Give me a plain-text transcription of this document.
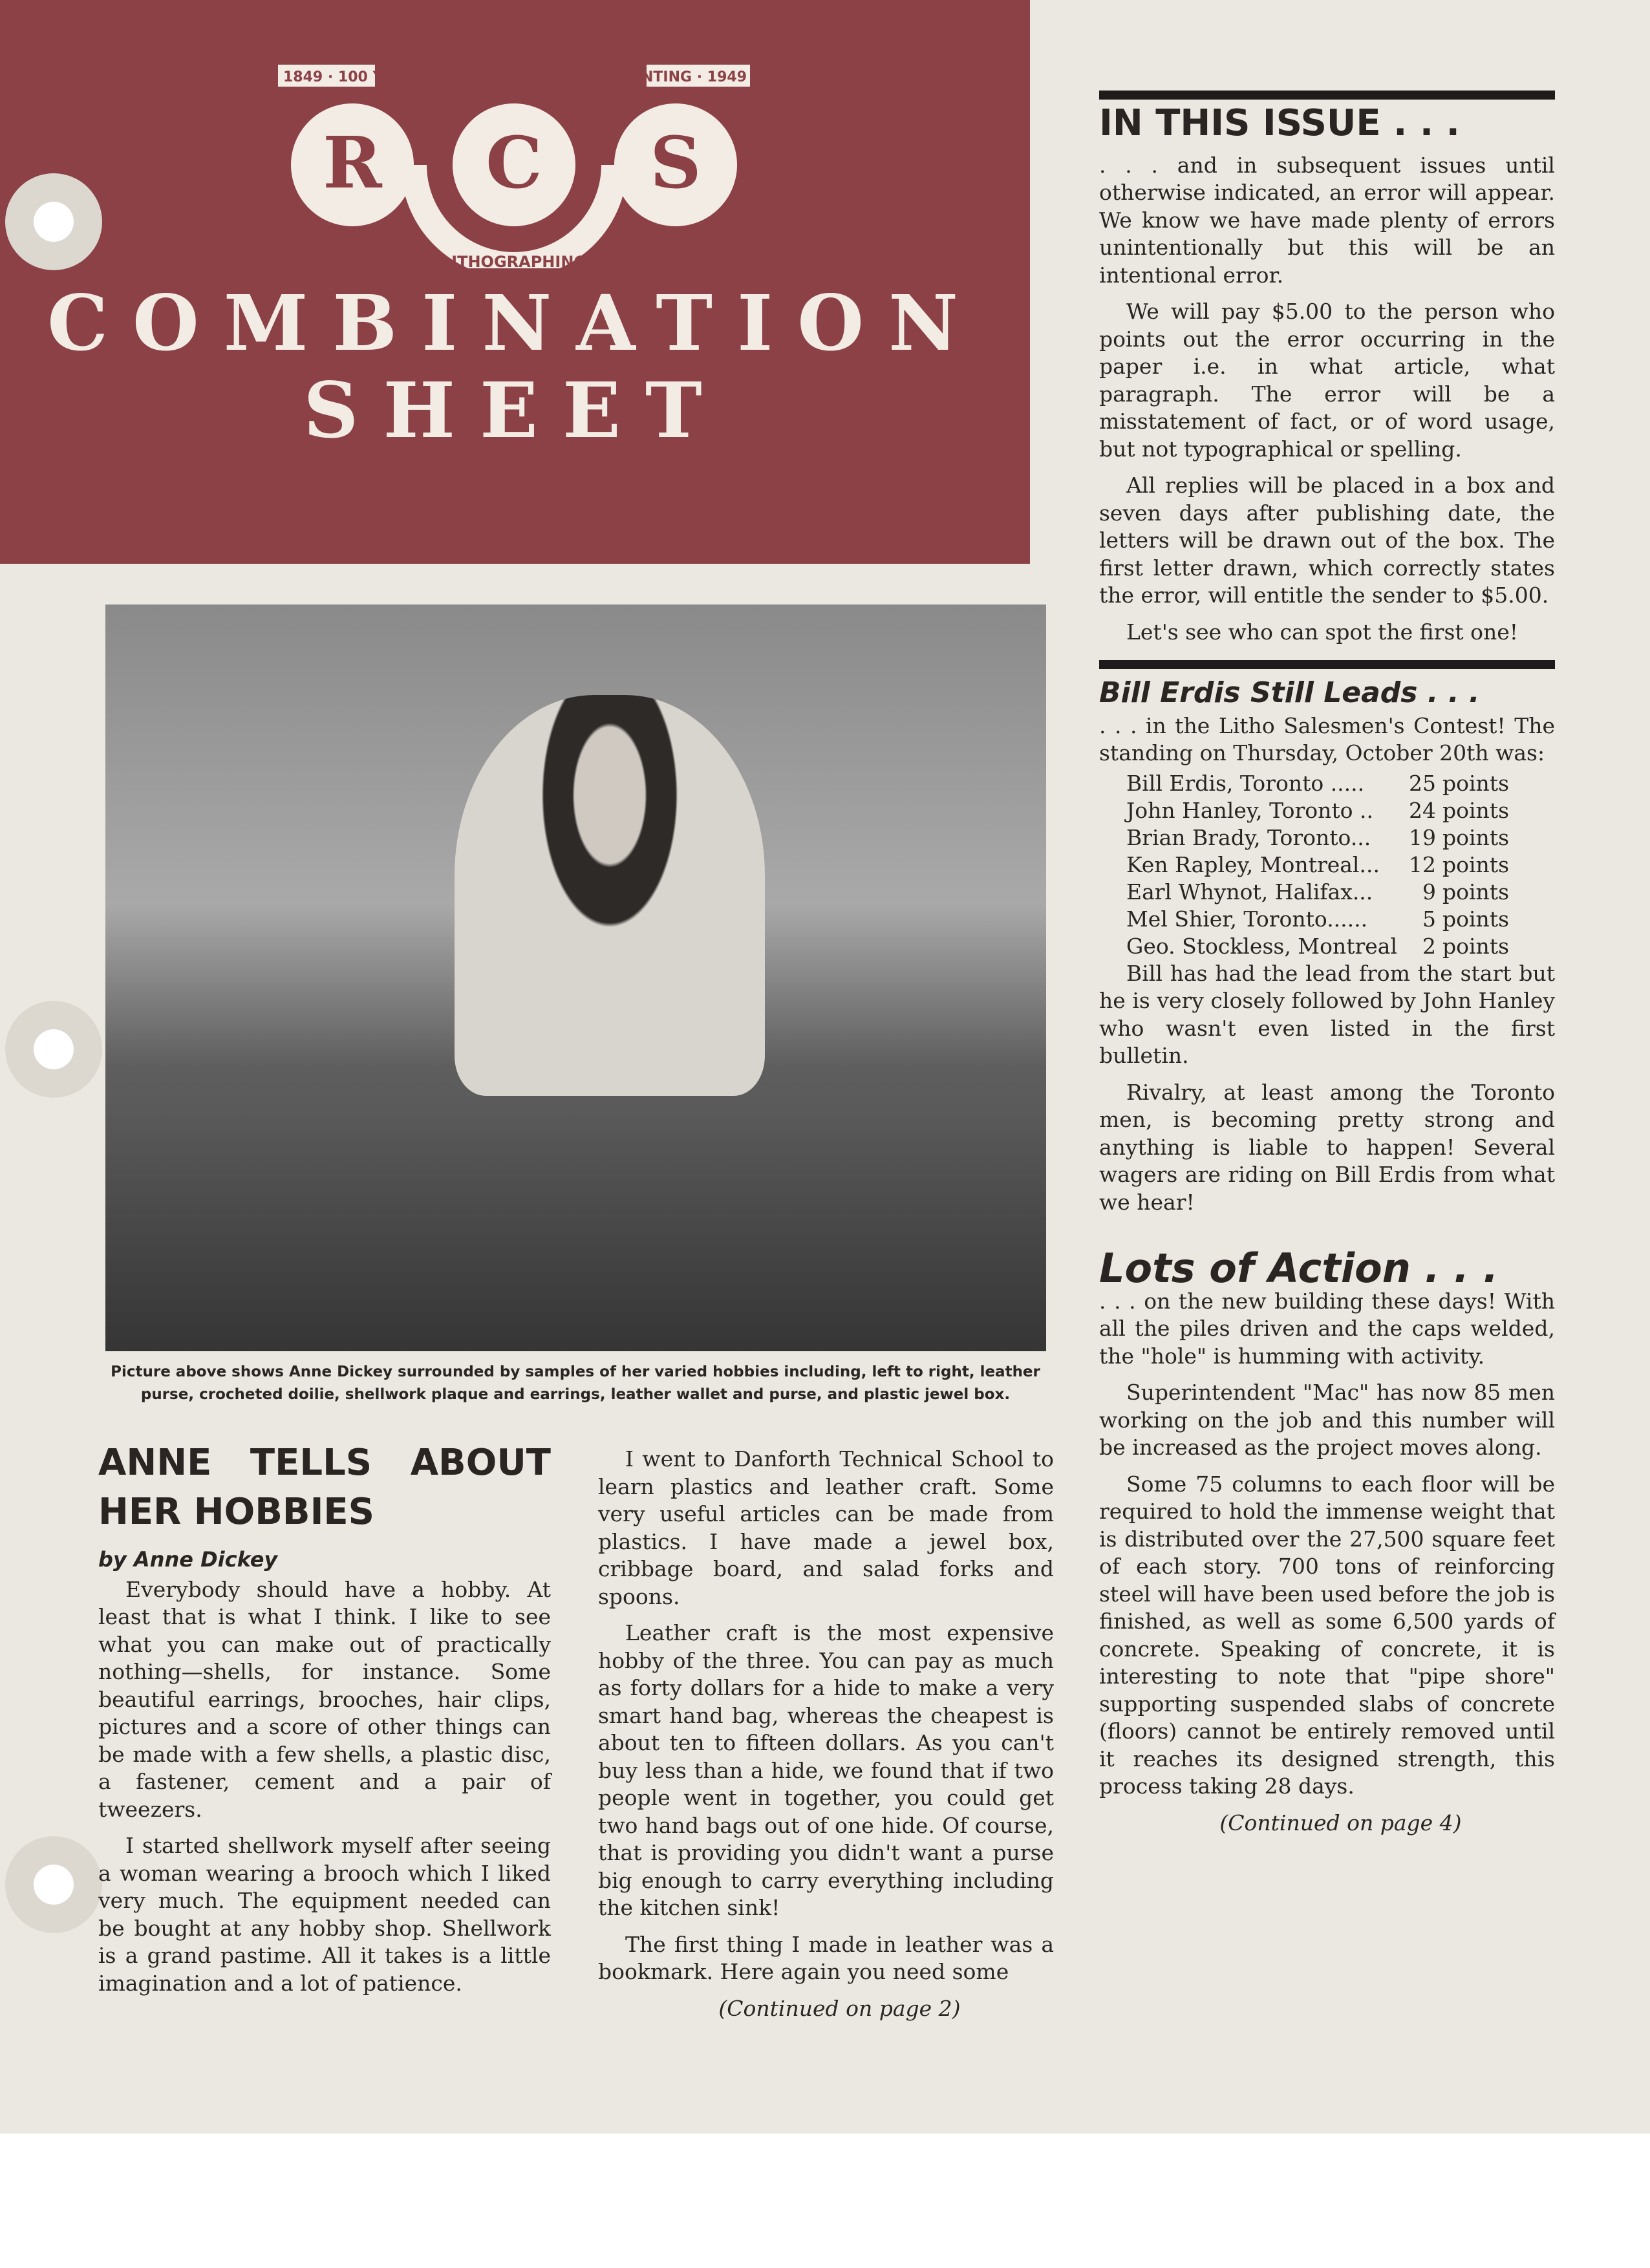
R C S
1849 · 100 YEARS OF
LITHOGRAPHING
AND PRINTING · 1949
COMBINATION
SHEET
Picture above shows Anne Dickey surrounded by samples of her varied hobbies including, left to right, leather purse, crocheted doilie, shellwork plaque and earrings, leather wallet and purse, and plastic jewel box.
IN THIS ISSUE . . .

. . . and in subsequent issues until otherwise indicated, an error will appear. We know we have made plenty of errors unintentionally but this will be an intentional error.

We will pay $5.00 to the person who points out the error occurring in the paper i.e. in what article, what paragraph. The error will be a misstatement of fact, or of word usage, but not typographical or spelling.

All replies will be placed in a box and seven days after publishing date, the letters will be drawn out of the box. The first letter drawn, which correctly states the error, will entitle the sender to $5.00.

Let's see who can spot the first one!

Bill Erdis Still Leads . . .

. . . in the Litho Salesmen's Contest! The standing on Thursday, October 20th was:

Bill Erdis, Toronto .....	25	points
John Hanley, Toronto ..	24	points
Brian Brady, Toronto...	19	points
Ken Rapley, Montreal...	12	points
Earl Whynot, Halifax...	9	points
Mel Shier, Toronto......	5	points
Geo. Stockless, Montreal	2	points

Bill has had the lead from the start but he is very closely followed by John Hanley who wasn't even listed in the first bulletin.

Rivalry, at least among the Toronto men, is becoming pretty strong and anything is liable to happen! Several wagers are riding on Bill Erdis from what we hear!

Lots of Action . . .

. . . on the new building these days! With all the piles driven and the caps welded, the "hole" is humming with activity.

Superintendent "Mac" has now 85 men working on the job and this number will be increased as the project moves along.

Some 75 columns to each floor will be required to hold the immense weight that is distributed over the 27,500 square feet of each story. 700 tons of reinforcing steel will have been used before the job is finished, as well as some 6,500 yards of concrete. Speaking of concrete, it is interesting to note that "pipe shore" supporting suspended slabs of concrete (floors) cannot be entirely removed until it reaches its designed strength, this process taking 28 days.

(Continued on page 4)

ANNE TELLS ABOUT HER HOBBIES
by Anne Dickey

Everybody should have a hobby. At least that is what I think. I like to see what you can make out of practically nothing—shells, for instance. Some beautiful earrings, brooches, hair clips, pictures and a score of other things can be made with a few shells, a plastic disc, a fastener, cement and a pair of tweezers.

I started shellwork myself after seeing a woman wearing a brooch which I liked very much. The equipment needed can be bought at any hobby shop. Shellwork is a grand pastime. All it takes is a little imagination and a lot of patience.

I went to Danforth Technical School to learn plastics and leather craft. Some very useful articles can be made from plastics. I have made a jewel box, cribbage board, and salad forks and spoons.

Leather craft is the most expensive hobby of the three. You can pay as much as forty dollars for a hide to make a very smart hand bag, whereas the cheapest is about ten to fifteen dollars. As you can't buy less than a hide, we found that if two people went in together, you could get two hand bags out of one hide. Of course, that is providing you didn't want a purse big enough to carry everything including the kitchen sink!

The first thing I made in leather was a bookmark. Here again you need some

(Continued on page 2)
